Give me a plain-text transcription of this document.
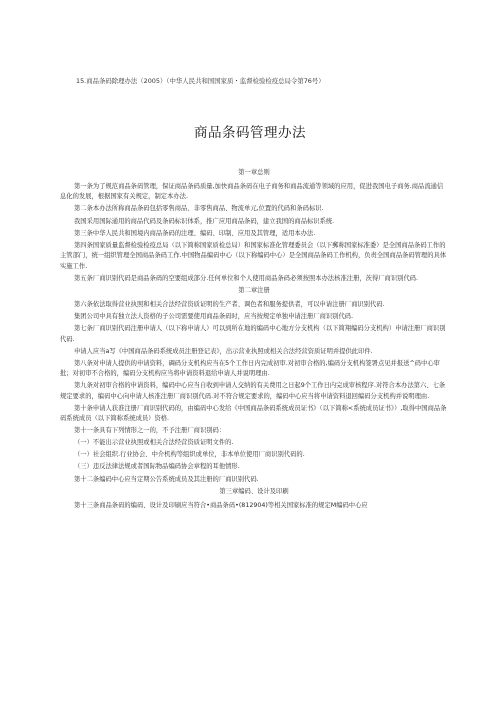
15.商品条码除理办法（2005）（中华人民共和国国家质・监督检验检疫总局令第76号）
商品条码管理办法
第一章总则

第一条为了规范商品条码管理，保证商品条码质量,加快商品条码在电子商务和商品流通等领域的应用，促进我国电子商务.商品流通信息化的发展，根据国家有关规定，制定本办法.

第二条本办法所称商品条码包括零售商品、非零售商品、物流单元,位置的代码和条码标识.

我国采用国际通用的商品代码及条码标识体系，推广应用商品条码，建立我国的商品标识系统.

第三条中华人民共和国境内商品条码的注理、编码、印制、应用及其管理，适用本办法.

第四条国家质量监督检验检疫总局（以下简称国家质检总局）和国家标准化管理委员会（以下郵称国家标准委）是全国商品条码工作的主管部门，统一组织管理全国商品条码工作.中国物品编码中心（以下称编码中心）是全国商品条码工作机构，负责全国商品条码管理的具体实施工作.

第五条厂商识别代码是商品条码的空要组成部分.任何单位和个人使用商品条码必须按照本办法核准注册，茨得厂商识别代码.

第二章注册

第六条依法取得营业执照和相关合法经营资质证明的生产者、调色者和服务提供者，可以申请注册厂商识别代码.

集团公司中具有独立法人资格的子公司需要使用商品条码时，应当按规定单独申请注册厂商识别代码.

第七条厂商识别代码注册申请人（以下称申请人）可以到所在地的编码中心地方分支机构（以下简翔编码分支机构）申请注册厂商识别代码.

申请人应当a写《中国商品条码系统成员注册登记表》，出示营业执照或相关合法经营资质证明并提供此印件.

第八条对申请人提供的申请资料，碉码分支机构应当在5个工作日内完成初审.对初审合格的,编码分支机构签署点见并报送^码中心审批；对初审不合格的，编码分支机构应当将申请资料退给申请人并说明理由.

第九条对初审合格的申请资料，编码中心应当自收到申请人交纳的有关费用之日起9个工作日内完成审核程序.对符合本办法第六、七条规定要求的，编码中心向申请人核准注册厂商识别代码.对不符合规定要求的，编码中心应当将申请资料退回编码分支机构并说明理由.

第十条申请人获准注册厂商识别代码的，由编码中心发给《中国商品条码系统成员证书》（以下简称<系统成员证书》）,取得中国商品条码系统成员（以下简称系统成员）资格.

第十一条具有下列情形之一的，不予注册厂商识别码：

（一）不能出示营业执照或相关合法经营资质证明文件的.

（一）社会组织.行业协会、中介机构等组织或单位，非本单位使用厂商识别代码的.

（三）违反法律法规或者国际物品编码协会章程的耳他情形.

第十二条编码中心应当定期公告系统成员及其注册的厂商识别代码.

第三章编码、设计及印刷

第十三条商品条码的编码、设计及印刷应当符合•商品条码•(812904)等相关国家标准的规定M编码中心应
